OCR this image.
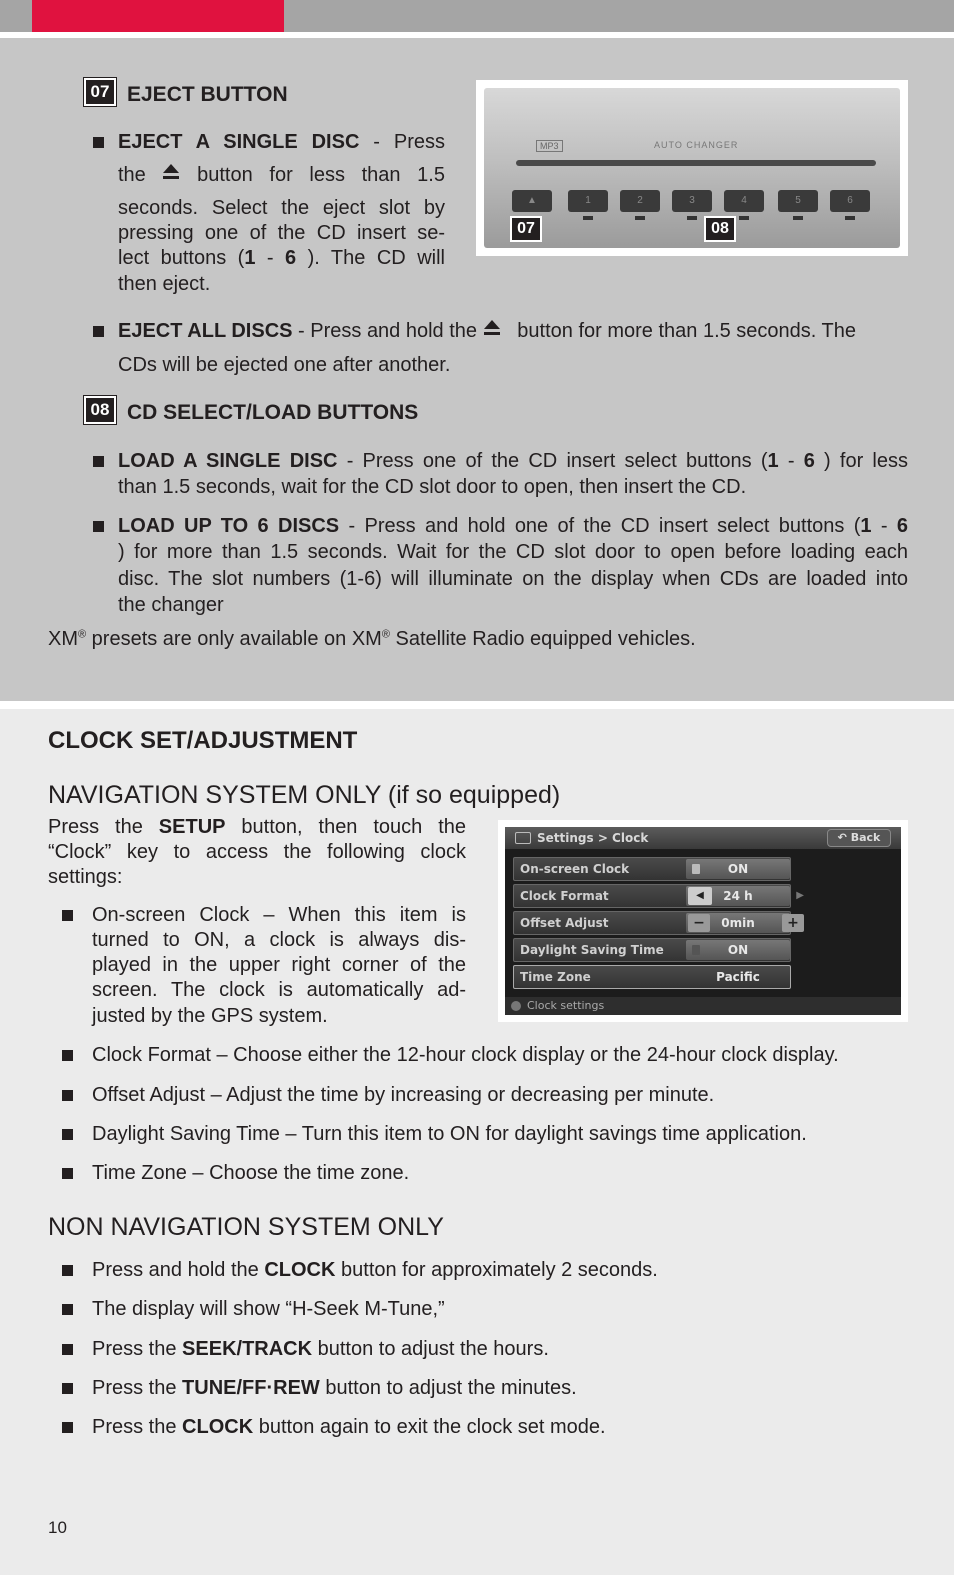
07 EJECT BUTTON
EJECT A SINGLE DISC - Press
the	button for less than 1.5
seconds. Select the eject slot by
pressing one of the CD insert se-
lect buttons (1 - 6 ). The CD will
then eject.
MP3	AUTO CHANGER
▲	1	2	3	4	5	6
07	08
EJECT ALL DISCS - Press and hold the button for more than 1.5 seconds. The
CDs will be ejected one after another.
08 CD SELECT/LOAD BUTTONS
LOAD A SINGLE DISC - Press one of the CD insert select buttons (1 - 6 ) for less
than 1.5 seconds, wait for the CD slot door to open, then insert the CD.
LOAD UP TO 6 DISCS - Press and hold one of the CD insert select buttons (1 - 6
) for more than 1.5 seconds. Wait for the CD slot door to open before loading each
disc. The slot numbers (1-6) will illuminate on the display when CDs are loaded into
the changer
XM® presets are only available on XM® Satellite Radio equipped vehicles.
CLOCK SET/ADJUSTMENT
NAVIGATION SYSTEM ONLY (if so equipped)
Press the SETUP button, then touch the
“Clock” key to access the following clock
settings:
On-screen Clock – When this item is
turned to ON, a clock is always dis-
played in the upper right corner of the
screen. The clock is automatically ad-
justed by the GPS system.
Settings > Clock	↶ Back
On-screen Clock	ON
Clock Format	◀	24 h	▶
Offset Adjust	−	0min	+
Daylight Saving Time	ON
Time Zone	Pacific
Clock settings
Clock Format – Choose either the 12-hour clock display or the 24-hour clock display.
Offset Adjust – Adjust the time by increasing or decreasing per minute.
Daylight Saving Time – Turn this item to ON for daylight savings time application.
Time Zone – Choose the time zone.
NON NAVIGATION SYSTEM ONLY
Press and hold the CLOCK button for approximately 2 seconds.
The display will show “H-Seek M-Tune,”
Press the SEEK/TRACK button to adjust the hours.
Press the TUNE/FF·REW button to adjust the minutes.
Press the CLOCK button again to exit the clock set mode.
10
